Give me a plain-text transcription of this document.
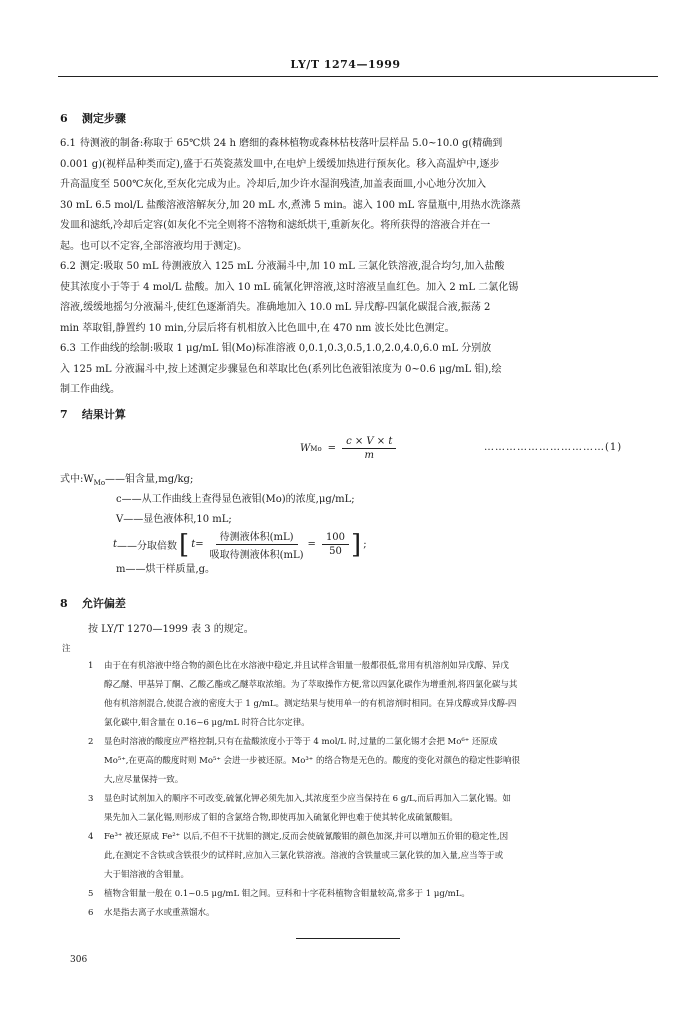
LY/T 1274—1999
6 测定步骤
6.1 待测液的制备:称取于 65℃烘 24 h 磨细的森林植物或森林枯枝落叶层样品 5.0~10.0 g(精确到
0.001 g)(视样品种类而定),盛于石英瓷蒸发皿中,在电炉上缓缓加热进行预灰化。移入高温炉中,逐步
升高温度至 500℃灰化,至灰化完成为止。冷却后,加少许水湿润残渣,加盖表面皿,小心地分次加入
30 mL 6.5 mol/L 盐酸溶液溶解灰分,加 20 mL 水,煮沸 5 min。滤入 100 mL 容量瓶中,用热水洗涤蒸
发皿和滤纸,冷却后定容(如灰化不完全则将不溶物和滤纸烘干,重新灰化。将所获得的溶液合并在一
起。也可以不定容,全部溶液均用于测定)。
6.2 测定:吸取 50 mL 待测液放入 125 mL 分液漏斗中,加 10 mL 三氯化铁溶液,混合均匀,加入盐酸
使其浓度小于等于 4 mol/L 盐酸。加入 10 mL 硫氰化钾溶液,这时溶液呈血红色。加入 2 mL 二氯化锡
溶液,缓缓地摇匀分液漏斗,使红色逐渐消失。准确地加入 10.0 mL 异戊醇-四氯化碳混合液,振荡 2
min 萃取钼,静置约 10 min,分层后将有机相放入比色皿中,在 470 nm 波长处比色测定。
6.3 工作曲线的绘制:吸取 1 μg/mL 钼(Mo)标准溶液 0,0.1,0.3,0.5,1.0,2.0,4.0,6.0 mL 分别放
入 125 mL 分液漏斗中,按上述测定步骤显色和萃取比色(系列比色液钼浓度为 0~0.6 μg/mL 钼),绘
制工作曲线。
7 结果计算
W $Mo = \frac{c \times V \times t}{m}$	……………………………(1)
式中$:W_{Mo}——$钼含量,mg/kg;
c——从工作曲线上查得显色液钼(Mo)的浓度,μg/mL;
V——显色液体积,10 mL;
m——烘干样质量,g。
t ——分取倍数 [ $t = \frac{\text{待测液体积(mL)}}{\text{吸取待测液体积(mL)}} = \frac{100}{50}$ ] ;
8 允许偏差
按 LY/T 1270—1999 表 3 的规定。
注
1 由于在有机溶液中络合物的颜色比在水溶液中稳定,并且试样含钼量一般都很低,常用有机溶剂如异戊醇、异戊
醇乙醚、甲基异丁酮、乙酸乙酯或乙醚萃取浓缩。为了萃取操作方便,常以四氯化碳作为增重剂,将四氯化碳与其
他有机溶剂混合,使混合液的密度大于 1 g/mL。测定结果与使用单一的有机溶剂时相同。在异戊醇或异戊醇-四
氯化碳中,钼含量在 0.16~6 μg/mL 时符合比尔定律。
2 显色时溶液的酸度应严格控制,只有在盐酸浓度小于等于 4 mol/L 时,过量的二氯化锡才会把 Mo⁶⁺ 还原成
Mo⁵⁺,在更高的酸度时则 Mo⁵⁺ 会进一步被还原。Mo³⁺ 的络合物是无色的。酸度的变化对颜色的稳定性影响很
大,应尽量保持一致。
3 显色时试剂加入的顺序不可改变,硫氰化钾必须先加入,其浓度至少应当保持在 6 g/L,而后再加入二氯化锡。如
果先加入二氯化锡,则形成了钼的含氯络合物,即使再加入硫氰化钾也难于使其转化成硫氰酸钼。
4 Fe³⁺ 被还原成 Fe²⁺ 以后,不但不干扰钼的测定,反而会使硫氰酸钼的颜色加深,并可以增加五价钼的稳定性,因
此,在测定不含铁或含铁很少的试样时,应加入三氯化铁溶液。溶液的含铁量或三氯化铁的加入量,应当等于或
大于钼溶液的含钼量。
5 植物含钼量一般在 0.1~0.5 μg/mL 钼之间。豆科和十字花科植物含钼量较高,常多于 1 μg/mL。
6 水是指去离子水或重蒸馏水。
306
